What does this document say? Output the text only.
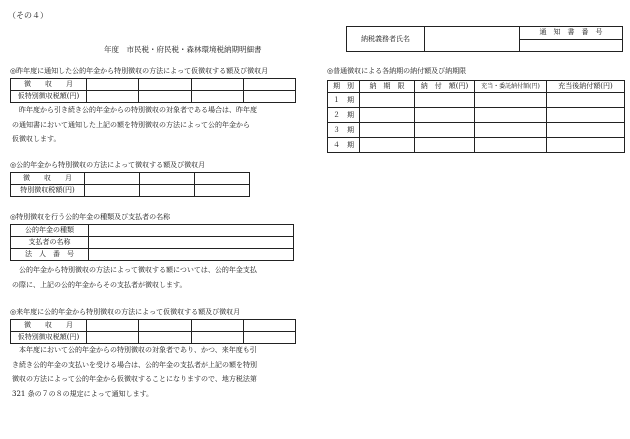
（その４）
年度　市民税・府民税・森林環境税納期明細書
納税義務者氏名		通　知　書　番　号

◎昨年度に通知した公的年金から特別徴収の方法によって仮徴収する額及び徴収月
徴　　収　　月				
仮特別徴収税額(円)				
　昨年度から引き続き公的年金からの特別徴収の対象者である場合は、昨年度
の通知書において通知した上記の額を特別徴収の方法によって公的年金から
仮徴収します。
◎公的年金から特別徴収の方法によって徴収する額及び徴収月
徴　　収　　月			
特別徴収税額(円)			
◎特別徴収を行う公的年金の種類及び支払者の名称
公的年金の種類	
支払者の名称	
法　人　番　号	
　公的年金から特別徴収の方法によって徴収する額については、公的年金支払
の際に、上記の公的年金からその支払者が徴収します。
◎来年度に公的年金から特別徴収の方法によって仮徴収する額及び徴収月
徴　　収　　月				
仮特別徴収税額(円)				
　本年度において公的年金からの特別徴収の対象者であり、かつ、来年度も引
き続き公的年金の支払いを受ける場合は、公的年金の支払者が上記の額を特別
徴収の方法によって公的年金から仮徴収することになりますので、地方税法第
321 条の７の８の規定によって通知します。
◎普通徴収による各納期の納付額及び納期限
期　別	納　期　限	納　付　額(円)	充当・委託納付額(円)	充当後納付額(円)
１　期				
２　期				
３　期				
４　期				
